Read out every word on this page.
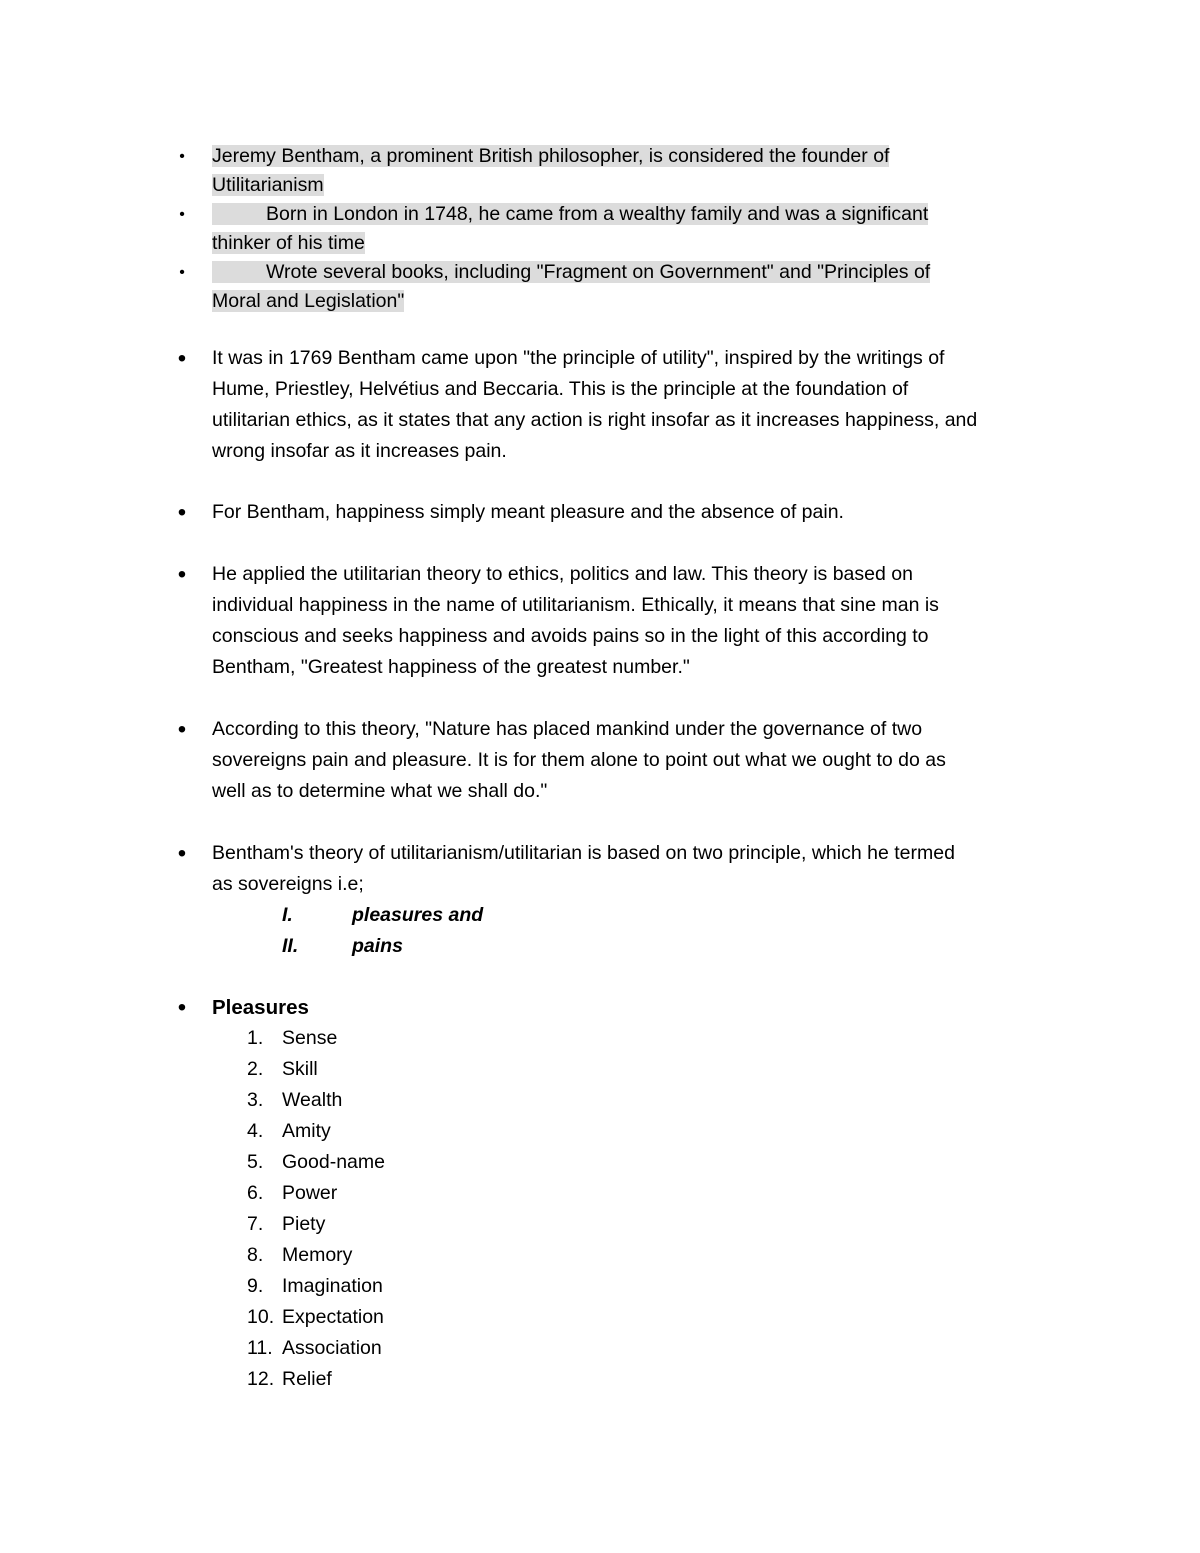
• Jeremy Bentham, a prominent British philosopher, is considered the founder of
Utilitarianism
•	Born in London in 1748, he came from a wealthy family and was a significant
thinker of his time
•	Wrote several books, including "Fragment on Government" and "Principles of
Moral and Legislation"
• It was in 1769 Bentham came upon "the principle of utility", inspired by the writings of
Hume, Priestley, Helvétius and Beccaria. This is the principle at the foundation of
utilitarian ethics, as it states that any action is right insofar as it increases happiness, and
wrong insofar as it increases pain.
• For Bentham, happiness simply meant pleasure and the absence of pain.
• He applied the utilitarian theory to ethics, politics and law. This theory is based on
individual happiness in the name of utilitarianism. Ethically, it means that sine man is
conscious and seeks happiness and avoids pains so in the light of this according to
Bentham, "Greatest happiness of the greatest number."
• According to this theory, "Nature has placed mankind under the governance of two
sovereigns pain and pleasure. It is for them alone to point out what we ought to do as
well as to determine what we shall do."
• Bentham's theory of utilitarianism/utilitarian is based on two principle, which he termed
as sovereigns i.e;
I.	pleasures and
II.	pains
• Pleasures
1. Sense
2. Skill
3. Wealth
4. Amity
5. Good-name
6. Power
7. Piety
8. Memory
9. Imagination
10. Expectation
11. Association
12. Relief
